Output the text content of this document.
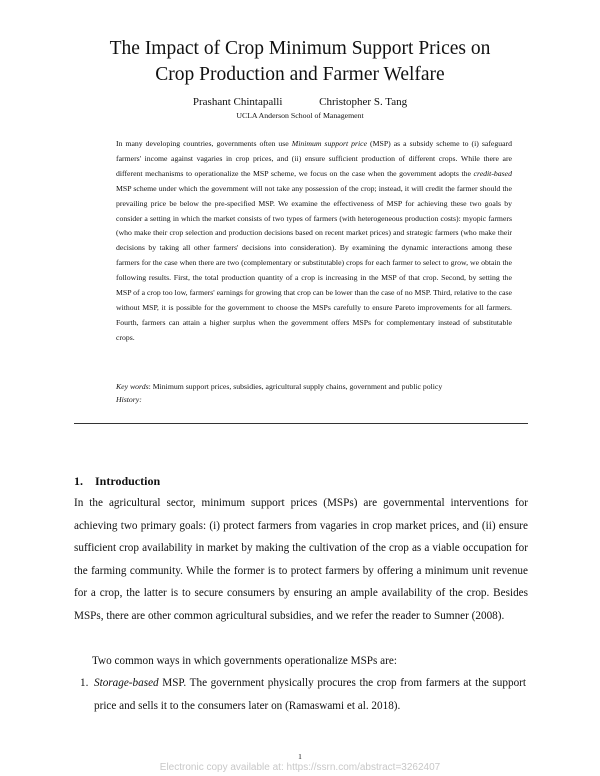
The Impact of Crop Minimum Support Prices on
Crop Production and Farmer Welfare
Prashant Chintapalli	Christopher S. Tang
UCLA Anderson School of Management

In many developing countries, governments often use Minimum support price (MSP) as a subsidy scheme to (i) safeguard farmers' income against vagaries in crop prices, and (ii) ensure sufficient production of different crops. While there are different mechanisms to operationalize the MSP scheme, we focus on the case when the government adopts the credit-based MSP scheme under which the government will not take any possession of the crop; instead, it will credit the farmer should the prevailing price be below the pre-specified MSP. We examine the effectiveness of MSP for achieving these two goals by consider a setting in which the market consists of two types of farmers (with heterogeneous production costs): myopic farmers (who make their crop selection and production decisions based on recent market prices) and strategic farmers (who make their decisions by taking all other farmers' decisions into consideration). By examining the dynamic interactions among these farmers for the case when there are two (complementary or substitutable) crops for each farmer to select to grow, we obtain the following results. First, the total production quantity of a crop is increasing in the MSP of that crop. Second, by setting the MSP of a crop too low, farmers' earnings for growing that crop can be lower than the case of no MSP. Third, relative to the case without MSP, it is possible for the government to choose the MSPs carefully to ensure Pareto improvements for all farmers. Fourth, farmers can attain a higher surplus when the government offers MSPs for complementary instead of substitutable crops.

Key words: Minimum support prices, subsidies, agricultural supply chains, government and public policy
History:
1. Introduction

In the agricultural sector, minimum support prices (MSPs) are governmental interventions for achieving two primary goals: (i) protect farmers from vagaries in crop market prices, and (ii) ensure sufficient crop availability in market by making the cultivation of the crop as a viable occupation for the farming community. While the former is to protect farmers by offering a minimum unit revenue for a crop, the latter is to secure consumers by ensuring an ample availability of the crop. Besides MSPs, there are other common agricultural subsidies, and we refer the reader to Sumner (2008).

Two common ways in which governments operationalize MSPs are:
1. Storage-based MSP. The government physically procures the crop from farmers at the support price and sells it to the consumers later on (Ramaswami et al. 2018).

1
Electronic copy available at: https://ssrn.com/abstract=3262407
